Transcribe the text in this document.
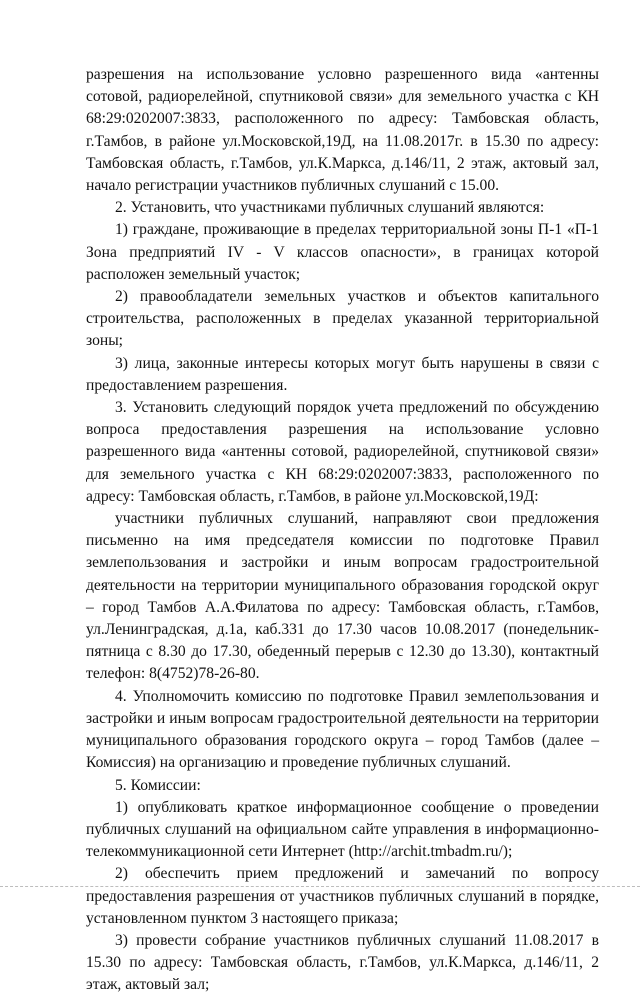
разрешения на использование условно разрешенного вида «антенны сотовой, радиорелейной, спутниковой связи» для земельного участка с КН 68:29:0202007:3833, расположенного по адресу: Тамбовская область, г.Тамбов, в районе ул.Московской,19Д, на 11.08.2017г. в 15.30 по адресу: Тамбовская область, г.Тамбов, ул.К.Маркса, д.146/11, 2 этаж, актовый зал, начало регистрации участников публичных слушаний с 15.00.

2. Установить, что участниками публичных слушаний являются:

1) граждане, проживающие в пределах территориальной зоны П-1 «П-1 Зона предприятий IV - V классов опасности», в границах которой расположен земельный участок;

2) правообладатели земельных участков и объектов капитального строительства, расположенных в пределах указанной территориальной зоны;

3) лица, законные интересы которых могут быть нарушены в связи с предоставлением разрешения.

3. Установить следующий порядок учета предложений по обсуждению вопроса предоставления разрешения на использование условно разрешенного вида «антенны сотовой, радиорелейной, спутниковой связи» для земельного участка с КН 68:29:0202007:3833, расположенного по адресу: Тамбовская область, г.Тамбов, в районе ул.Московской,19Д:

участники публичных слушаний, направляют свои предложения письменно на имя председателя комиссии по подготовке Правил землепользования и застройки и иным вопросам градостроительной деятельности на территории муниципального образования городской округ – город Тамбов А.А.Филатова по адресу: Тамбовская область, г.Тамбов, ул.Ленинградская, д.1а, каб.331 до 17.30 часов 10.08.2017 (понедельник-пятница с 8.30 до 17.30, обеденный перерыв с 12.30 до 13.30), контактный телефон: 8(4752)78-26-80.

4. Уполномочить комиссию по подготовке Правил землепользования и застройки и иным вопросам градостроительной деятельности на территории муниципального образования городского округа – город Тамбов (далее – Комиссия) на организацию и проведение публичных слушаний.

5. Комиссии:

1) опубликовать краткое информационное сообщение о проведении публичных слушаний на официальном сайте управления в информационно-телекоммуникационной сети Интернет (http://archit.tmbadm.ru/);

2) обеспечить прием предложений и замечаний по вопросу предоставления разрешения от участников публичных слушаний в порядке, установленном пунктом 3 настоящего приказа;

3) провести собрание участников публичных слушаний 11.08.2017 в 15.30 по адресу: Тамбовская область, г.Тамбов, ул.К.Маркса, д.146/11, 2 этаж, актовый зал;
